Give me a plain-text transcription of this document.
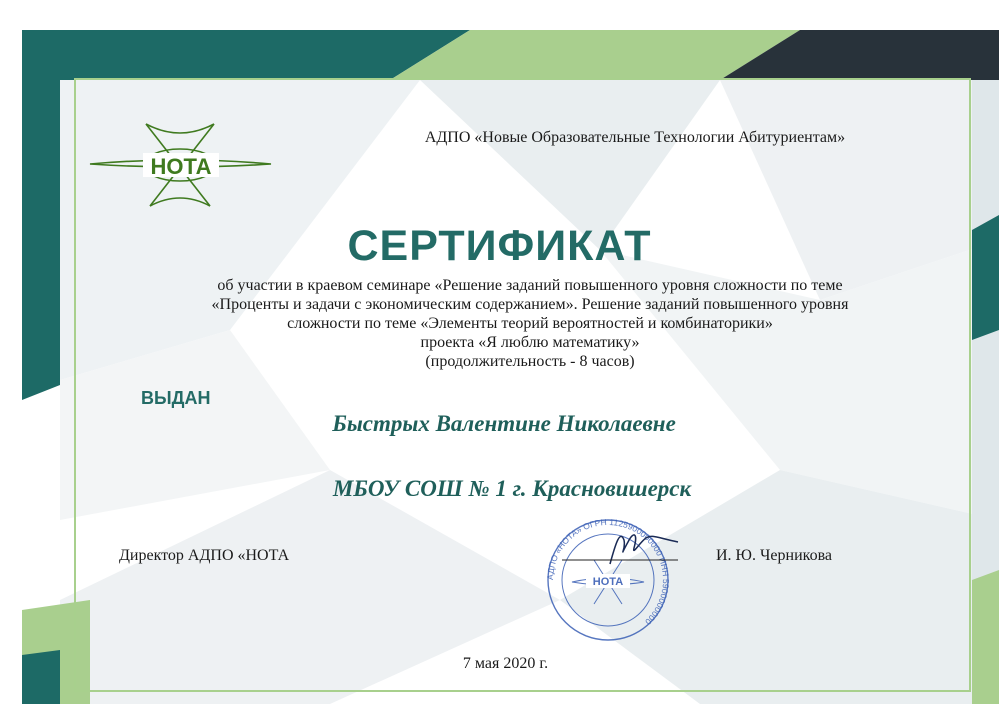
НОТА
АДПО «Новые Образовательные Технологии Абитуриентам»
СЕРТИФИКАТ
об участии в краевом семинаре «Решение заданий повышенного уровня сложности по теме
«Проценты и задачи с экономическим содержанием». Решение заданий повышенного уровня
сложности по теме «Элементы теорий вероятностей и комбинаторики»
проекта «Я люблю математику»
(продолжительность - 8 часов)
ВЫДАН
Быстрых Валентине Николаевне
МБОУ СОШ № 1 г. Красновишерск
Директор АДПО «НОТА
АДПО «НОТА» ОГРН 1125900000000 ИНН 5900000000
НОТА
И. Ю. Черникова
7 мая 2020 г.
